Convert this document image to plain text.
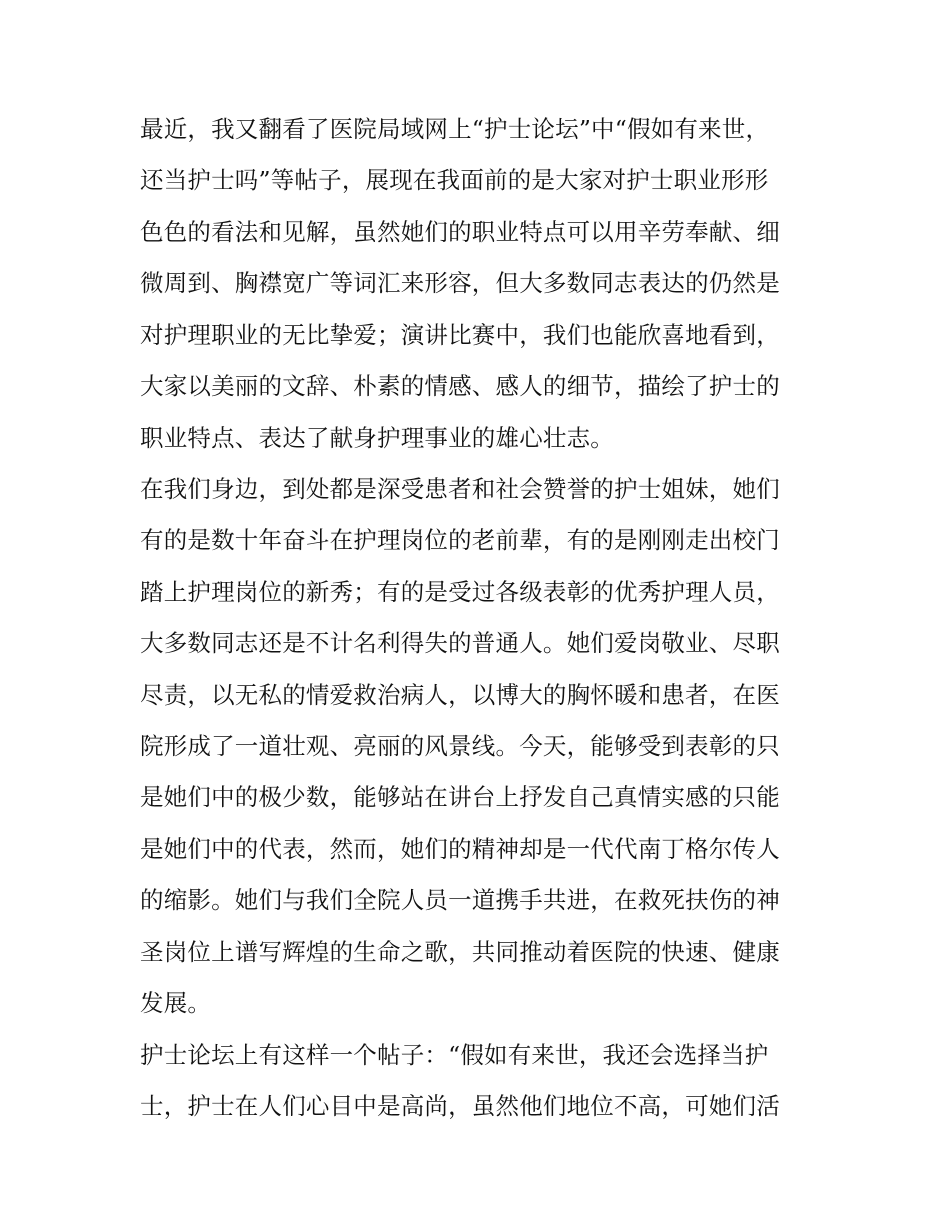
最近，我又翻看了医院局域网上“护士论坛”中“假如有来世，
还当护士吗”等帖子，展现在我面前的是大家对护士职业形形
色色的看法和见解，虽然她们的职业特点可以用辛劳奉献、细
微周到、胸襟宽广等词汇来形容，但大多数同志表达的仍然是
对护理职业的无比挚爱；演讲比赛中，我们也能欣喜地看到，
大家以美丽的文辞、朴素的情感、感人的细节，描绘了护士的
职业特点、表达了献身护理事业的雄心壮志。
在我们身边，到处都是深受患者和社会赞誉的护士姐妹，她们
有的是数十年奋斗在护理岗位的老前辈，有的是刚刚走出校门
踏上护理岗位的新秀；有的是受过各级表彰的优秀护理人员，
大多数同志还是不计名利得失的普通人。她们爱岗敬业、尽职
尽责，以无私的情爱救治病人，以博大的胸怀暖和患者，在医
院形成了一道壮观、亮丽的风景线。今天，能够受到表彰的只
是她们中的极少数，能够站在讲台上抒发自己真情实感的只能
是她们中的代表，然而，她们的精神却是一代代南丁格尔传人
的缩影。她们与我们全院人员一道携手共进，在救死扶伤的神
圣岗位上谱写辉煌的生命之歌，共同推动着医院的快速、健康
发展。
护士论坛上有这样一个帖子：“假如有来世，我还会选择当护
士，护士在人们心目中是高尚，虽然他们地位不高，可她们活
